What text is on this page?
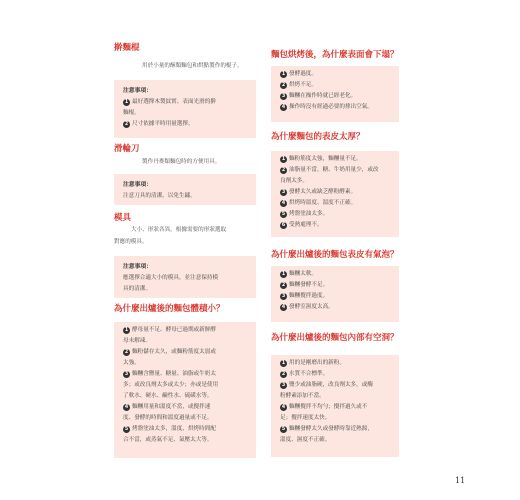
擀麵棍
用於小量的酥類麵包和烘點製作的棍子。
注意事項：
1 最好選擇木製紋實、表面光滑的擀
麵棍。
2 尺寸依據平時用量選擇。
滑輪刀
製作丹麥類麵包時的方便用具。
注意事項：
注意刀具的清潔，以免生鏽。
模具
大小、形狀各異，根據需要的形狀選取
對應的模具。
注意事項：
應選擇合適大小的模具，並注意保持模
具的清潔。
為什麼出爐後的麵包體積小？
1 酵母量不足、酵母已過期或新鮮酵
母未解凍。
2 麵粉儲存太久，或麵粉筋度太弱或
太強。
3 麵糰含鹽量、糖量、油脂或牛奶太
多；或改良劑太多或太少；亦或是使用
了軟水、硬水、鹼性水、硫磺水等。
4 麵糰用量和溫度不當，或攪拌速
度、發酵的時間和溫度過量或不足。
5 烤盤塗油太多，溫度、烘烤時間配
合不當，或蒸氣不足、氣壓太大等。
麵包烘烤後，為什麼表面會下塌？
1 發酵過度。
2 烘烤不足。
3 麵糰在操作時就已經老化。
4 操作時沒有經過必要的排出空氣。
為什麼麵包的表皮太厚？
1 麵粉筋度太強，麵糰量不足。
2 油脂量不當，糖、牛奶用量少，或改
良劑太多。
3 發酵太久或缺乏酵粉酵素。
4 烘烤時溫度、溫度不正確。
5 烤盤塗油太多。
6 受熱處理不。
為什麼出爐後的麵包表皮有氣泡？
1 麵糰太軟。
2 麵糰發酵不足。
3 麵糰攪拌過度。
4 發酵室濕度太高。
為什麼出爐後的麵包內部有空洞？
1 用的是剛磨出的新粉。
2 水質不合標準。
3 鹽少或油脂硬，改良劑太多，或酶
粉酵素添加不當。
4 麵糰攪拌不均勻；攪拌過久或不
足；攪拌速度太快。
5 麵糰發酵太久或發酵時靠近熱源，
溫度、濕度不正確。
11
